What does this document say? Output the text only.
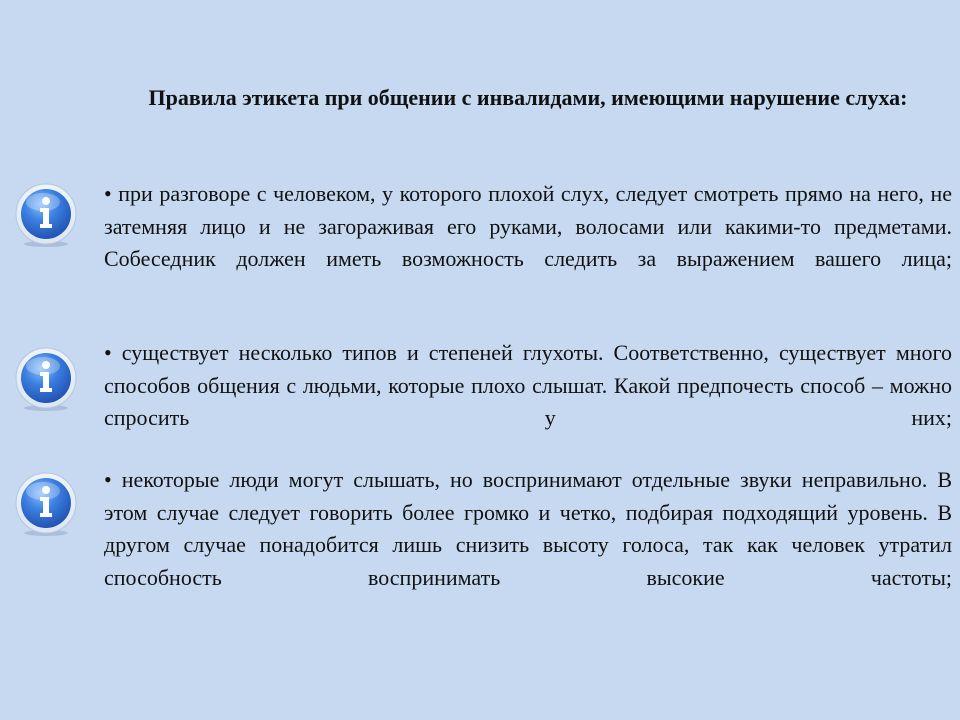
Правила этикета при общении с инвалидами, имеющими нарушение слуха:

• при разговоре с человеком, у которого плохой слух, следует смотреть прямо на него, не затемняя лицо и не загораживая его руками, волосами или какими-то предметами. Собеседник должен иметь возможность следить за выражением вашего лица;

• существует несколько типов и степеней глухоты. Соответственно, существует много способов общения с людьми, которые плохо слышат. Какой предпочесть способ – можно спросить у них;

• некоторые люди могут слышать, но воспринимают отдельные звуки неправильно. В этом случае следует говорить более громко и четко, подбирая подходящий уровень. В другом случае понадобится лишь снизить высоту голоса, так как человек утратил способность воспринимать высокие частоты;
